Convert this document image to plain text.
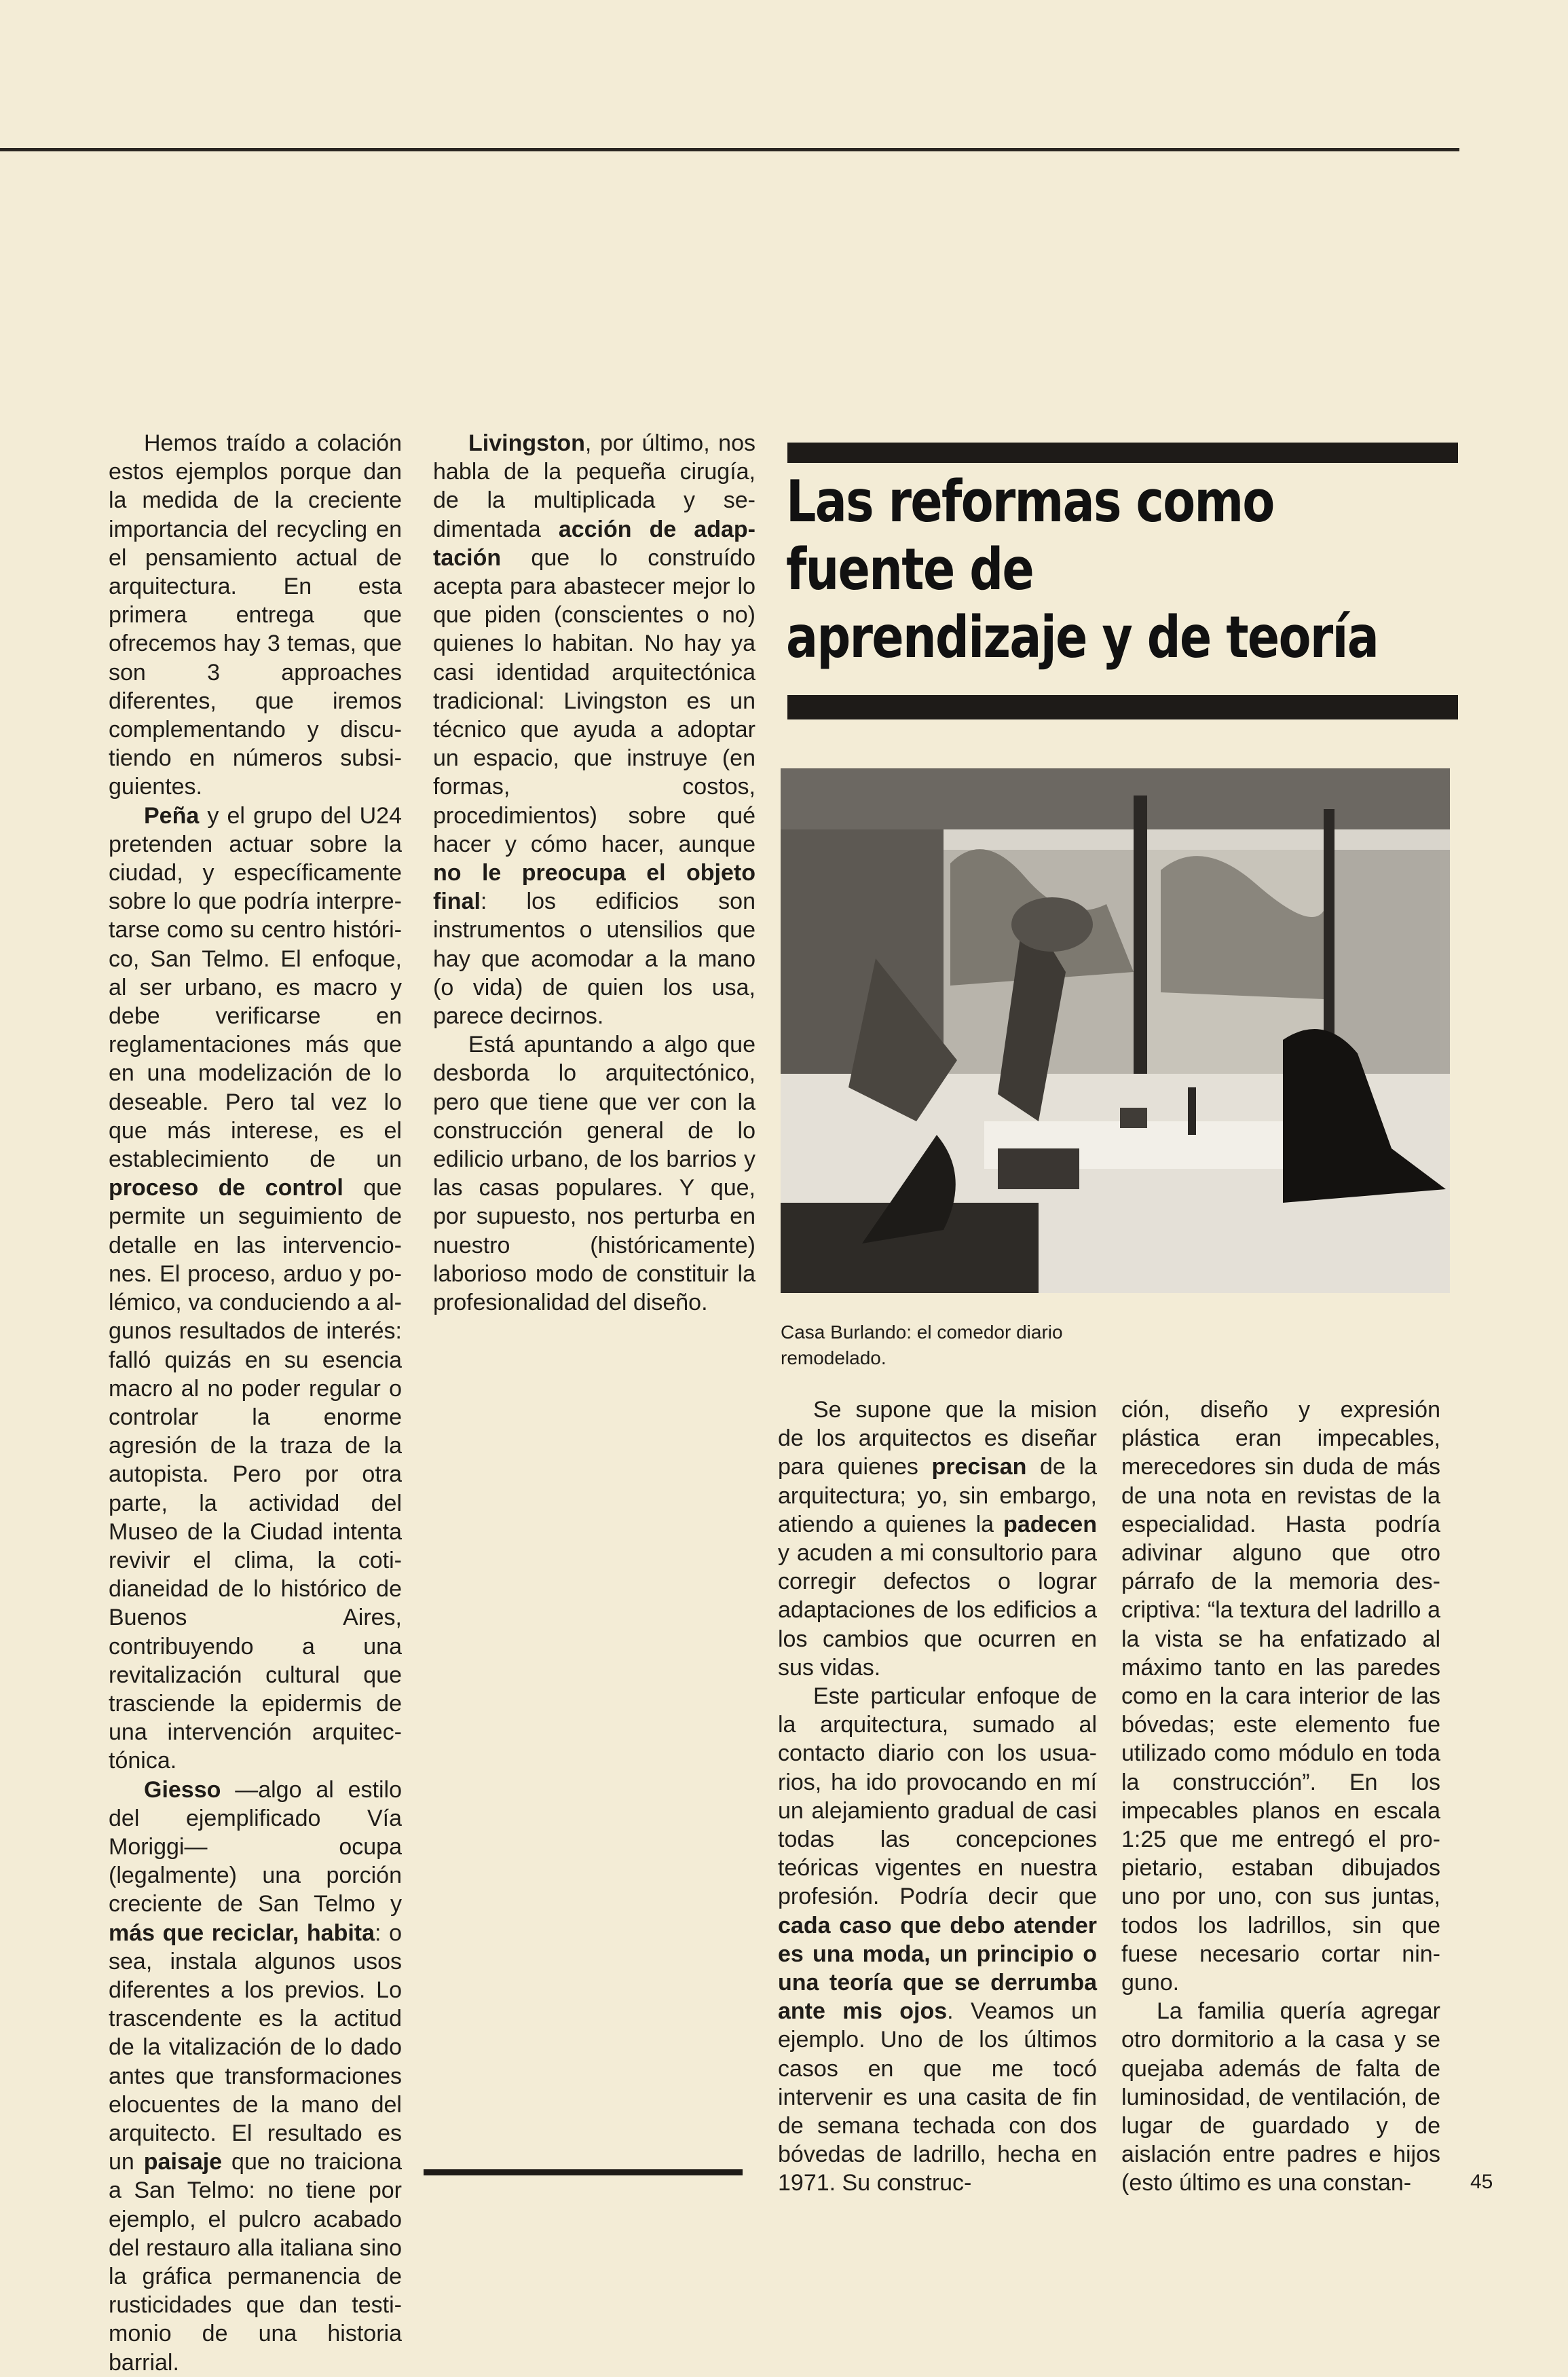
Hemos traído a colación estos ejemplos porque dan la medida de la creciente importancia del recycling en el pensamiento actual de arquitectura. En esta primera entrega que ofrecemos hay 3 temas, que son 3 approaches diferentes, que iremos complementando y discutiendo en números subsiguientes.

Peña y el grupo del U24 pretenden actuar sobre la ciudad, y específicamente sobre lo que podría interpretarse como su centro histórico, San Telmo. El enfoque, al ser urbano, es macro y debe verificarse en reglamentaciones más que en una modelización de lo deseable. Pero tal vez lo que más interese, es el establecimiento de un proceso de control que permite un seguimiento de detalle en las intervenciones. El proceso, arduo y polémico, va conduciendo a algunos resultados de interés: falló quizás en su esencia macro al no poder regular o controlar la enorme agresión de la traza de la autopista. Pero por otra parte, la actividad del Museo de la Ciudad intenta revivir el clima, la cotidianeidad de lo histórico de Buenos Aires, contribuyendo a una revitalización cultural que trasciende la epidermis de una intervención arquitectónica.

Giesso —algo al estilo del ejemplificado Vía Moriggi— ocupa (legalmente) una porción creciente de San Telmo y más que reciclar, habita: o sea, instala algunos usos diferentes a los previos. Lo trascendente es la actitud de la vitalización de lo dado antes que transformaciones elocuentes de la mano del arquitecto. El resultado es un paisaje que no traiciona a San Telmo: no tiene por ejemplo, el pulcro acabado del restauro alla italiana sino la gráfica permanencia de rusticidades que dan testimonio de una historia barrial.

Livingston, por último, nos habla de la pequeña cirugía, de la multiplicada y sedimentada acción de adaptación que lo construído acepta para abastecer mejor lo que piden (conscientes o no) quienes lo habitan. No hay ya casi identidad arquitectónica tradicional: Livingston es un técnico que ayuda a adoptar un espacio, que instruye (en formas, costos, procedimientos) sobre qué hacer y cómo hacer, aunque no le preocupa el objeto final: los edificios son instrumentos o utensilios que hay que acomodar a la mano (o vida) de quien los usa, parece decirnos.

Está apuntando a algo que desborda lo arquitectónico, pero que tiene que ver con la construcción general de lo edilicio urbano, de los barrios y las casas populares. Y que, por supuesto, nos perturba en nuestro (históricamente) laborioso modo de constituir la profesionalidad del diseño.

Las reformas como
fuente de
aprendizaje y de teoría

Casa Burlando: el comedor diario remodelado.

Se supone que la mision de los arquitectos es diseñar para quienes precisan de la arquitectura; yo, sin embargo, atiendo a quienes la padecen y acuden a mi consultorio para corregir defectos o lograr adaptaciones de los edificios a los cambios que ocurren en sus vidas.

Este particular enfoque de la arquitectura, sumado al contacto diario con los usuarios, ha ido provocando en mí un alejamiento gradual de casi todas las concepciones teóricas vigentes en nuestra profesión. Podría decir que cada caso que debo atender es una moda, un principio o una teoría que se derrumba ante mis ojos. Veamos un ejemplo. Uno de los últimos casos en que me tocó intervenir es una casita de fin de semana techada con dos bóvedas de ladrillo, hecha en 1971. Su construc-

ción, diseño y expresión plástica eran impecables, merecedores sin duda de más de una nota en revistas de la especialidad. Hasta podría adivinar alguno que otro párrafo de la memoria descriptiva: “la textura del ladrillo a la vista se ha enfatizado al máximo tanto en las paredes como en la cara interior de las bóvedas; este elemento fue utilizado como módulo en toda la construcción”. En los impecables planos en escala 1:25 que me entregó el propietario, estaban dibujados uno por uno, con sus juntas, todos los ladrillos, sin que fuese necesario cortar ninguno.

La familia quería agregar otro dormitorio a la casa y se quejaba además de falta de luminosidad, de ventilación, de lugar de guardado y de aislación entre padres e hijos (esto último es una constan-	45
